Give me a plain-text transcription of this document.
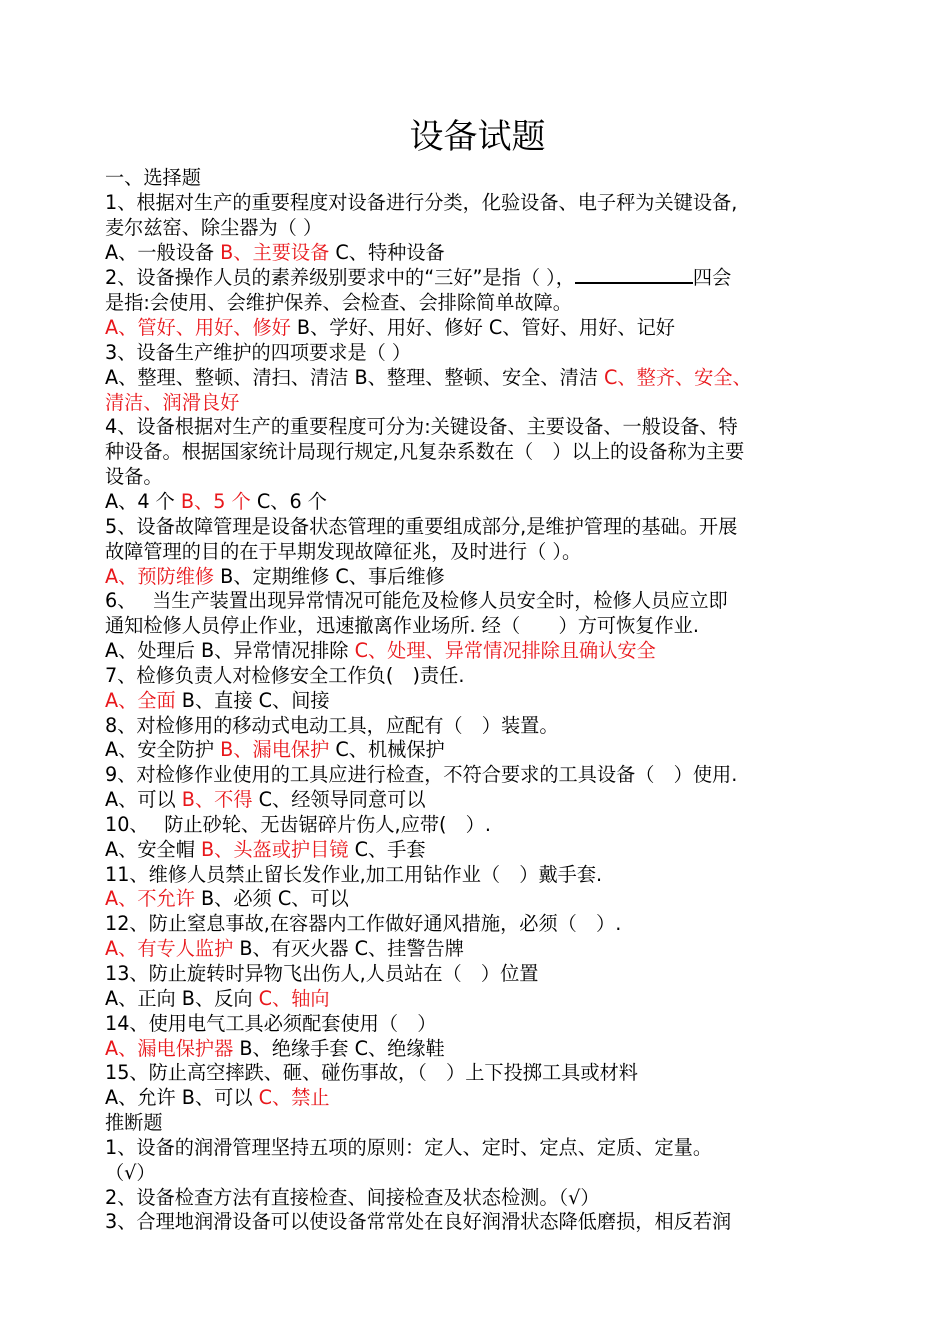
设备试题
一、选择题
1、根据对生产的重要程度对设备进行分类，化验设备、电子秤为关键设备,
麦尔兹窑、除尘器为（ ）
A、一般设备 B、主要设备 C、特种设备
2、设备操作人员的素养级别要求中的“三好”是指（ ），	四会
是指:会使用、会维护保养、会检查、会排除简单故障。
A、管好、用好、修好 B、学好、用好、修好 C、管好、用好、记好
3、设备生产维护的四项要求是（ ）
A、整理、整顿、清扫、清洁 B、整理、整顿、安全、清洁 C、整齐、安全、
清洁、润滑良好
4、设备根据对生产的重要程度可分为:关键设备、主要设备、一般设备、特
种设备。根据国家统计局现行规定,凡复杂系数在（　）以上的设备称为主要
设备。
A、4 个 B、5 个 C、6 个
5、设备故障管理是设备状态管理的重要组成部分,是维护管理的基础。开展
故障管理的目的在于早期发现故障征兆，及时进行（ ）。
A、预防维修 B、定期维修 C、事后维修
6、　 当生产装置出现异常情况可能危及检修人员安全时，检修人员应立即
通知检修人员停止作业，迅速撤离作业场所. 经（　　）方可恢复作业.
A、处理后 B、异常情况排除 C、处理、异常情况排除且确认安全
7、检修负责人对检修安全工作负(　)责任.
A、全面 B、直接 C、间接
8、对检修用的移动式电动工具，应配有（　）装置。
A、安全防护 B、漏电保护 C、机械保护
9、对检修作业使用的工具应进行检查，不符合要求的工具设备（　）使用.
A、可以 B、不得 C、经领导同意可以
10、　 防止砂轮、无齿锯碎片伤人,应带(　）.
A、安全帽 B、头盔或护目镜 C、手套
11、维修人员禁止留长发作业,加工用钻作业（　）戴手套.
A、不允许 B、必须 C、可以
12、防止窒息事故,在容器内工作做好通风措施，必须（　）.
A、有专人监护 B、有灭火器 C、挂警告牌
13、防止旋转时异物飞出伤人,人员站在（　）位置
A、正向 B、反向 C、轴向
14、使用电气工具必须配套使用（　）
A、漏电保护器 B、绝缘手套 C、绝缘鞋
15、防止高空摔跌、砸、碰伤事故，（　）上下投掷工具或材料
A、允许 B、可以 C、禁止
推断题
1、设备的润滑管理坚持五项的原则：定人、定时、定点、定质、定量。
（√）
2、设备检查方法有直接检查、间接检查及状态检测。（√）
3、合理地润滑设备可以使设备常常处在良好润滑状态降低磨损，相反若润
